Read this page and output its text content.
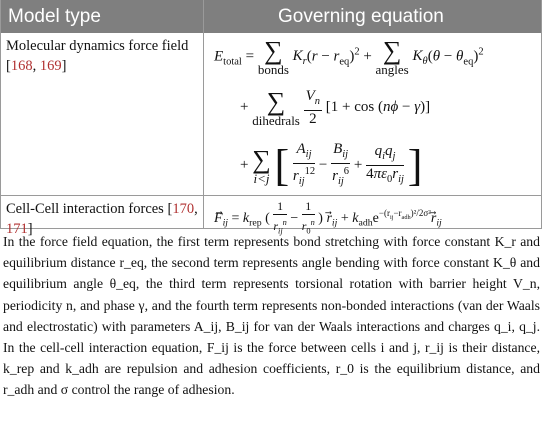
Model type	Governing equation
Molecular dynamics force field [168, 169]
$E_{total}$ = ∑
bonds
$K_r(r - r_{eq})^2$ + ∑
angles
$K_\theta(\theta - \theta_{eq})^2$
+ ∑
dihedrals
$\frac{V_n}{2} [1 + \cos (n\phi - \gamma)]$
+ ∑
i<j [ $\frac{A_{ij}}{r_{ij}^{12}} - \frac{B_{ij}}{r_{ij}^6} + \frac{q_iq_j}{4\pi\varepsilon_0r_{ij}}$ ]
Cell-Cell interaction forces [170, 171]
$F_{ij} = k_{rep}$ ( $\frac{1}{r_{ij}^n} - \frac{1}{r_0^n}$ ) $r_{ij} + k_{adh}e^{-(r_{ij}-r_{adh})^2/2\sigma^2}r_{ij}$
In the force field equation, the first term represents bond stretching with force constant K_r and equilibrium distance r_eq, the second term represents angle bending with force constant K_θ and equilibrium angle θ_eq, the third term represents torsional rotation with barrier height V_n, periodicity n, and phase γ, and the fourth term represents non-bonded interactions (van der Waals and electrostatic) with parameters A_ij, B_ij for van der Waals interactions and charges q_i, q_j. In the cell-cell interaction equation, F_ij is the force between cells i and j, r_ij is their distance, k_rep and k_adh are repulsion and adhesion coefficients, r_0 is the equilibrium distance, and r_adh and σ control the range of adhesion.
